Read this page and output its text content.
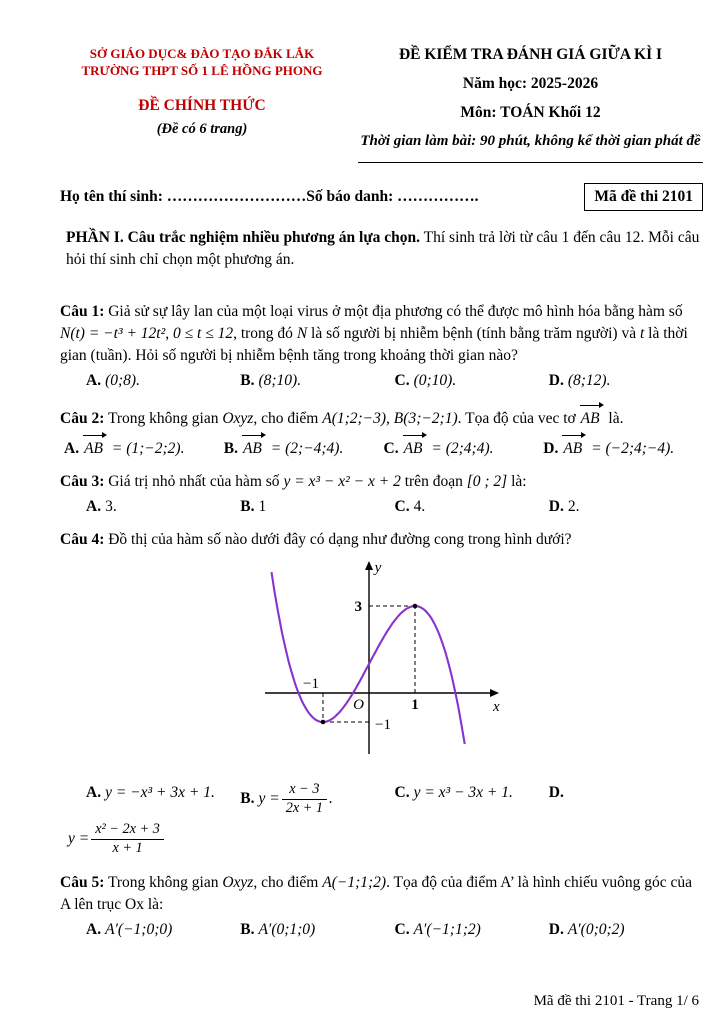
SỞ GIÁO DỤC& ĐÀO TẠO ĐẮK LẮK
TRƯỜNG THPT SỐ 1 LÊ HỒNG PHONG
ĐỀ CHÍNH THỨC
(Đề có 6 trang)
ĐỀ KIỂM TRA ĐÁNH GIÁ GIỮA KÌ I
Năm học: 2025-2026
Môn: TOÁN Khối 12
Thời gian làm bài: 90 phút, không kể thời gian phát đề
Họ tên thí sinh: ………………………Số báo danh: …………….	Mã đề thi 2101

PHẦN I. Câu trắc nghiệm nhiều phương án lựa chọn. Thí sinh trả lời từ câu 1 đến câu 12. Mỗi câu hỏi thí sinh chỉ chọn một phương án.

Câu 1: Giả sử sự lây lan của một loại virus ở một địa phương có thể được mô hình hóa bằng hàm số N(t) = −t³ + 12t², 0 ≤ t ≤ 12, trong đó N là số người bị nhiễm bệnh (tính bằng trăm người) và t là thời gian (tuần). Hỏi số người bị nhiễm bệnh tăng trong khoảng thời gian nào?

A. (0;8).	B. (8;10).	C. (0;10).	D. (8;12).

Câu 2: Trong không gian Oxyz, cho điểm A(1;2;−3), B(3;−2;1). Tọa độ của vec tơ AB là.

A. AB = (1;−2;2).	B. AB = (2;−4;4).	C. AB = (2;4;4).	D. AB = (−2;4;−4).

Câu 3: Giá trị nhỏ nhất của hàm số y = x³ − x² − x + 2 trên đoạn [0 ; 2] là:

A. 3.	B. 1	C. 4.	D. 2.

Câu 4: Đồ thị của hàm số nào dưới đây có dạng như đường cong trong hình dưới?

y
x
O
3
1
−1
−1
A. y = −x³ + 3x + 1.	B. $y = \frac{x - 3}{2x + 1}$ .	C. y = x³ − 3x + 1.	D.
$y = \frac{\text{x² − 2x + 3}}{x + 1}$

Câu 5: Trong không gian Oxyz, cho điểm A(−1;1;2). Tọa độ của điểm A’ là hình chiếu vuông góc của A lên trục Ox là:

A. A′(−1;0;0)	B. A′(0;1;0)	C. A′(−1;1;2)	D. A′(0;0;2)
Mã đề thi 2101 - Trang 1/ 6
